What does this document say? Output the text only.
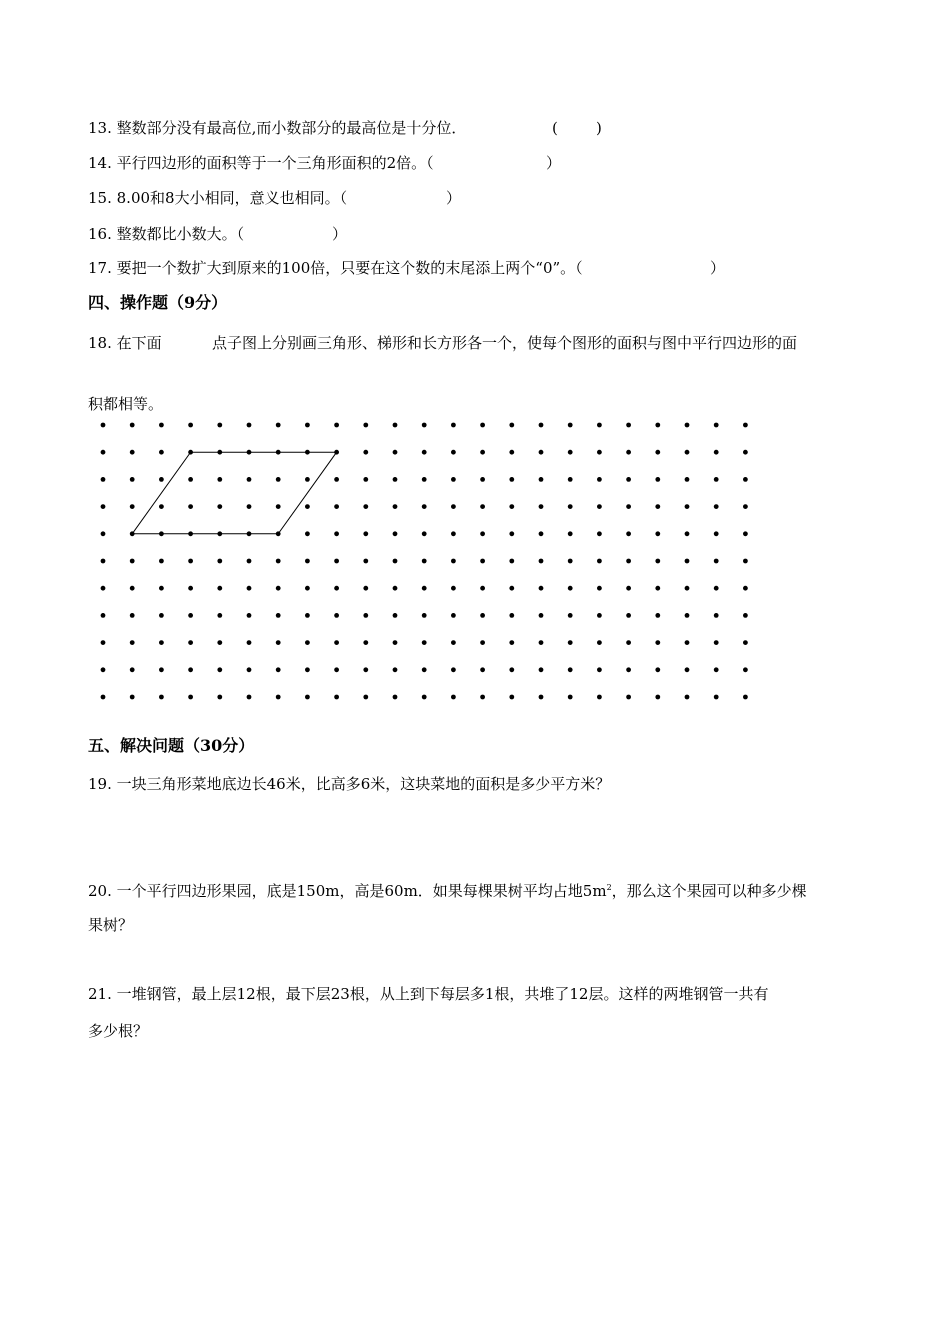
13. 整数部分没有最高位,而小数部分的最高位是十分位．	(	)
14. 平行四边形的面积等于一个三角形面积的2倍。（	）
15. 8.00和8大小相同，意义也相同。（	）
16. 整数都比小数大。（	）
17. 要把一个数扩大到原来的100倍，只要在这个数的末尾添上两个“0”。（	）
四、操作题（9分）
18. 在下面	点子图上分别画三角形、梯形和长方形各一个，使每个图形的面积与图中平行四边形的面
积都相等。
五、解决问题（30分）
19. 一块三角形菜地底边长46米，比高多6米，这块菜地的面积是多少平方米？
20. 一个平行四边形果园，底是150m，高是60m．如果每棵果树平均占地$5m^2$，那么这个果园可以种多少棵
果树？
21. 一堆钢管，最上层12根，最下层23根，从上到下每层多1根，共堆了12层。这样的两堆钢管一共有
多少根？
